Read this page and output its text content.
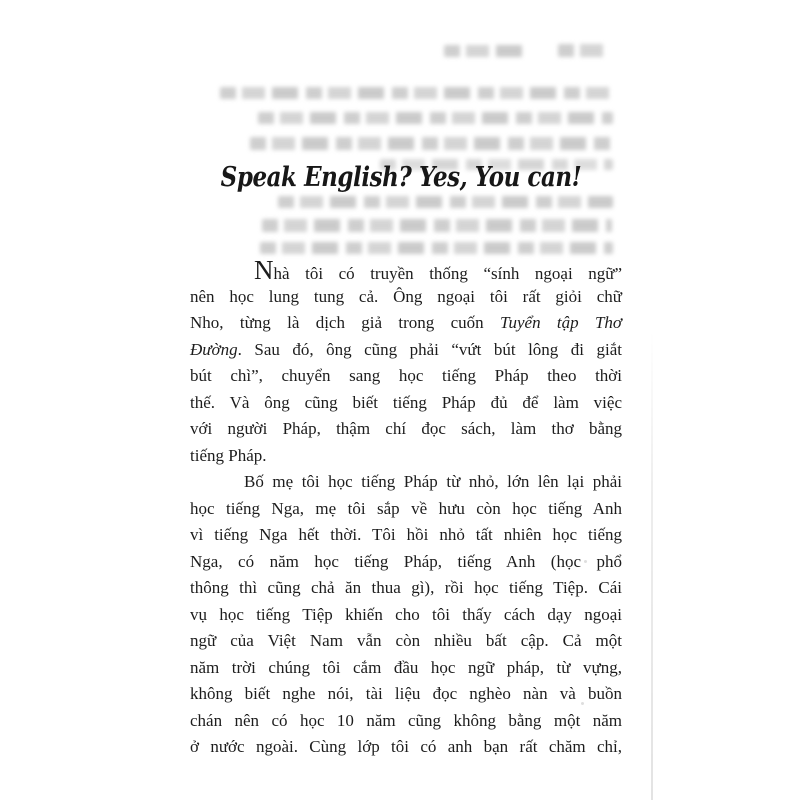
Speak English? Yes, You can!
Nhà tôi có truyền thống “sính ngoại ngữ”
nên học lung tung cả. Ông ngoại tôi rất giỏi chữ
Nho, từng là dịch giả trong cuốn Tuyển tập Thơ
Đường. Sau đó, ông cũng phải “vứt bút lông đi giắt
bút chì”, chuyển sang học tiếng Pháp theo thời
thế. Và ông cũng biết tiếng Pháp đủ để làm việc
với người Pháp, thậm chí đọc sách, làm thơ bằng
tiếng Pháp.
Bố mẹ tôi học tiếng Pháp từ nhỏ, lớn lên lại phải
học tiếng Nga, mẹ tôi sắp về hưu còn học tiếng Anh
vì tiếng Nga hết thời. Tôi hồi nhỏ tất nhiên học tiếng
Nga, có năm học tiếng Pháp, tiếng Anh (học phổ
thông thì cũng chả ăn thua gì), rồi học tiếng Tiệp. Cái
vụ học tiếng Tiệp khiến cho tôi thấy cách dạy ngoại
ngữ của Việt Nam vẫn còn nhiều bất cập. Cả một
năm trời chúng tôi cắm đầu học ngữ pháp, từ vựng,
không biết nghe nói, tài liệu đọc nghèo nàn và buồn
chán nên có học 10 năm cũng không bằng một năm
ở nước ngoài. Cùng lớp tôi có anh bạn rất chăm chỉ,
